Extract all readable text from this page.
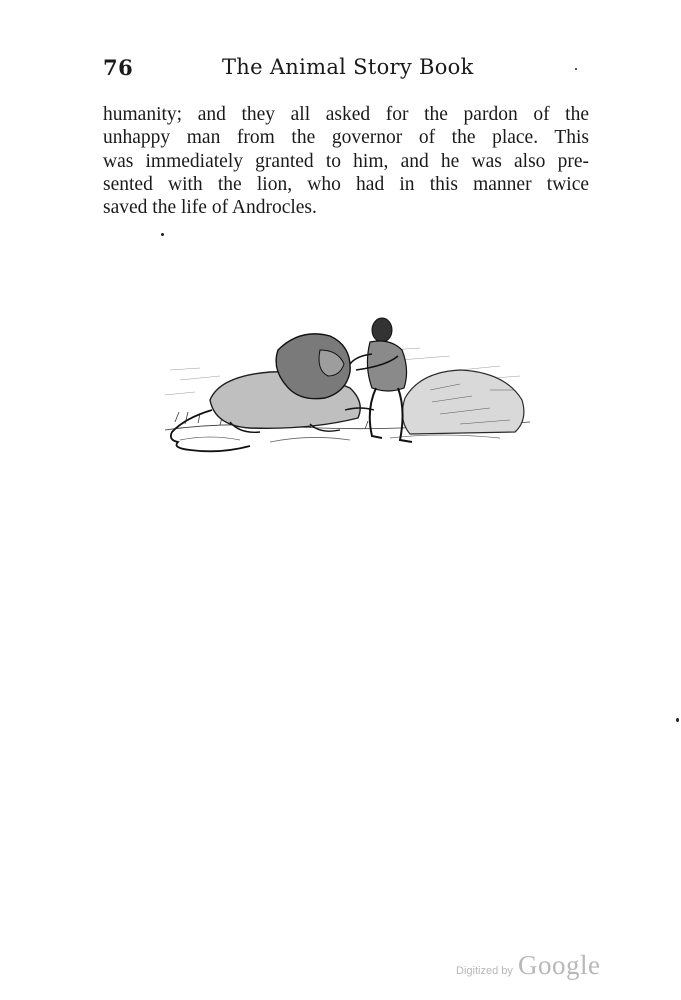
76	The Animal Story Book
humanity; and they all asked for the pardon of the
unhappy man from the governor of the place. This
was immediately granted to him, and he was also pre-
sented with the lion, who had in this manner twice
saved the life of Androcles.
Digitized by Google
